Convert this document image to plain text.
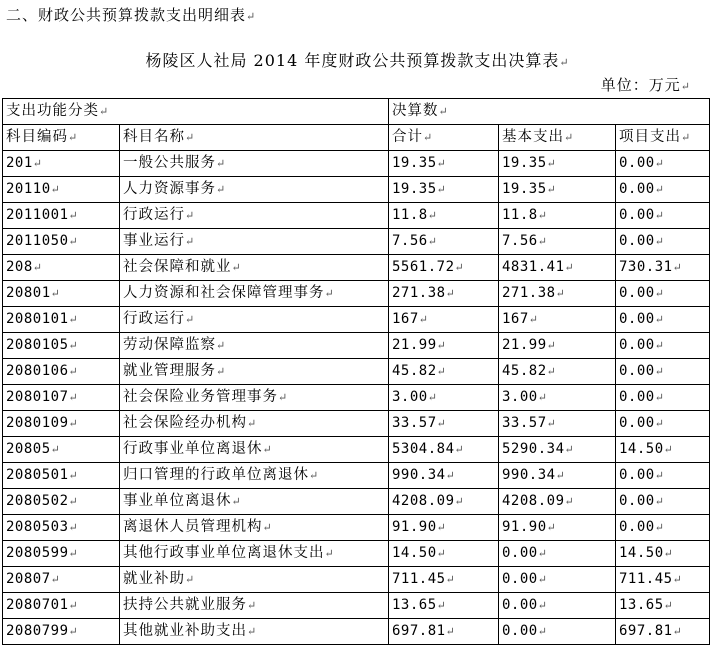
二、财政公共预算拨款支出明细表↵
杨陵区人社局 2014 年度财政公共预算拨款支出决算表↵
单位：万元↵
支出功能分类↵		决算数↵		
科目编码↵	科目名称↵	合计↵	基本支出↵	项目支出↵
201↵	一般公共服务↵	19.35↵	19.35↵	0.00↵
20110↵	人力资源事务↵	19.35↵	19.35↵	0.00↵
2011001↵	行政运行↵	11.8↵	11.8↵	0.00↵
2011050↵	事业运行↵	7.56↵	7.56↵	0.00↵
208↵	社会保障和就业↵	5561.72↵	4831.41↵	730.31↵
20801↵	人力资源和社会保障管理事务↵	271.38↵	271.38↵	0.00↵
2080101↵	行政运行↵	167↵	167↵	0.00↵
2080105↵	劳动保障监察↵	21.99↵	21.99↵	0.00↵
2080106↵	就业管理服务↵	45.82↵	45.82↵	0.00↵
2080107↵	社会保险业务管理事务↵	3.00↵	3.00↵	0.00↵
2080109↵	社会保险经办机构↵	33.57↵	33.57↵	0.00↵
20805↵	行政事业单位离退休↵	5304.84↵	5290.34↵	14.50↵
2080501↵	归口管理的行政单位离退休↵	990.34↵	990.34↵	0.00↵
2080502↵	事业单位离退休↵	4208.09↵	4208.09↵	0.00↵
2080503↵	离退休人员管理机构↵	91.90↵	91.90↵	0.00↵
2080599↵	其他行政事业单位离退休支出↵	14.50↵	0.00↵	14.50↵
20807↵	就业补助↵	711.45↵	0.00↵	711.45↵
2080701↵	扶持公共就业服务↵	13.65↵	0.00↵	13.65↵
2080799↵	其他就业补助支出↵	697.81↵	0.00↵	697.81↵
